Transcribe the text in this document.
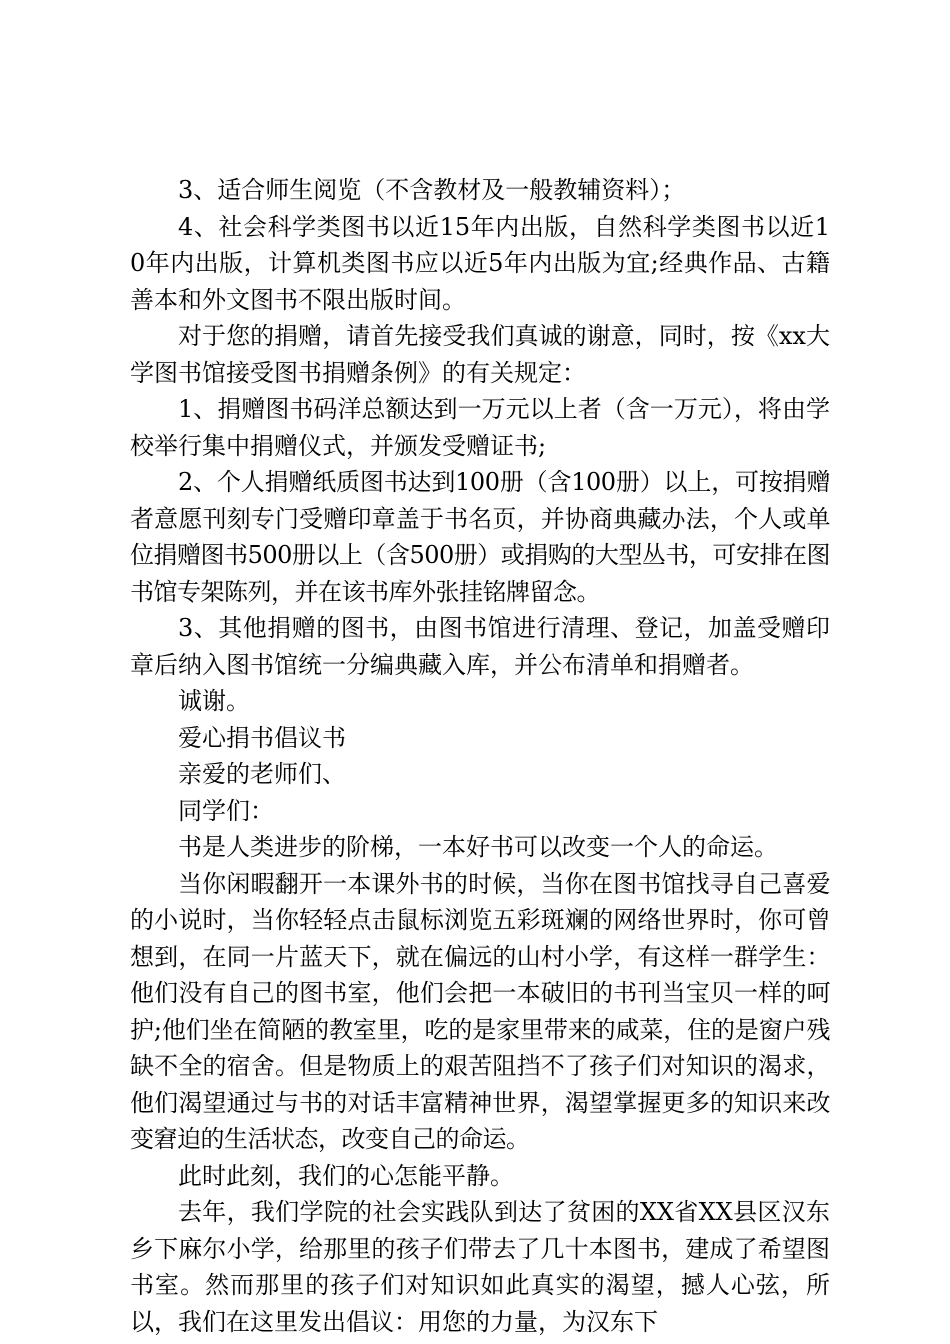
3、适合师生阅览（不含教材及一般教辅资料）；

4、社会科学类图书以近15年内出版，自然科学类图书以近10年内出版，计算机类图书应以近5年内出版为宜;经典作品、古籍善本和外文图书不限出版时间。

对于您的捐赠，请首先接受我们真诚的谢意，同时，按《xx大学图书馆接受图书捐赠条例》的有关规定：

1、捐赠图书码洋总额达到一万元以上者（含一万元），将由学校举行集中捐赠仪式，并颁发受赠证书;

2、个人捐赠纸质图书达到100册（含100册）以上，可按捐赠者意愿刊刻专门受赠印章盖于书名页，并协商典藏办法，个人或单位捐赠图书500册以上（含500册）或捐购的大型丛书，可安排在图书馆专架陈列，并在该书库外张挂铭牌留念。

3、其他捐赠的图书，由图书馆进行清理、登记，加盖受赠印章后纳入图书馆统一分编典藏入库，并公布清单和捐赠者。

诚谢。

爱心捐书倡议书

亲爱的老师们、

同学们：

书是人类进步的阶梯，一本好书可以改变一个人的命运。

当你闲暇翻开一本课外书的时候，当你在图书馆找寻自己喜爱的小说时，当你轻轻点击鼠标浏览五彩斑斓的网络世界时，你可曾想到，在同一片蓝天下，就在偏远的山村小学，有这样一群学生：他们没有自己的图书室，他们会把一本破旧的书刊当宝贝一样的呵护;他们坐在简陋的教室里，吃的是家里带来的咸菜，住的是窗户残缺不全的宿舍。但是物质上的艰苦阻挡不了孩子们对知识的渴求，他们渴望通过与书的对话丰富精神世界，渴望掌握更多的知识来改变窘迫的生活状态，改变自己的命运。

此时此刻，我们的心怎能平静。

去年，我们学院的社会实践队到达了贫困的XX省XX县区汉东乡下麻尔小学，给那里的孩子们带去了几十本图书，建成了希望图书室。然而那里的孩子们对知识如此真实的渴望，撼人心弦，所以，我们在这里发出倡议：用您的力量，为汉东下
